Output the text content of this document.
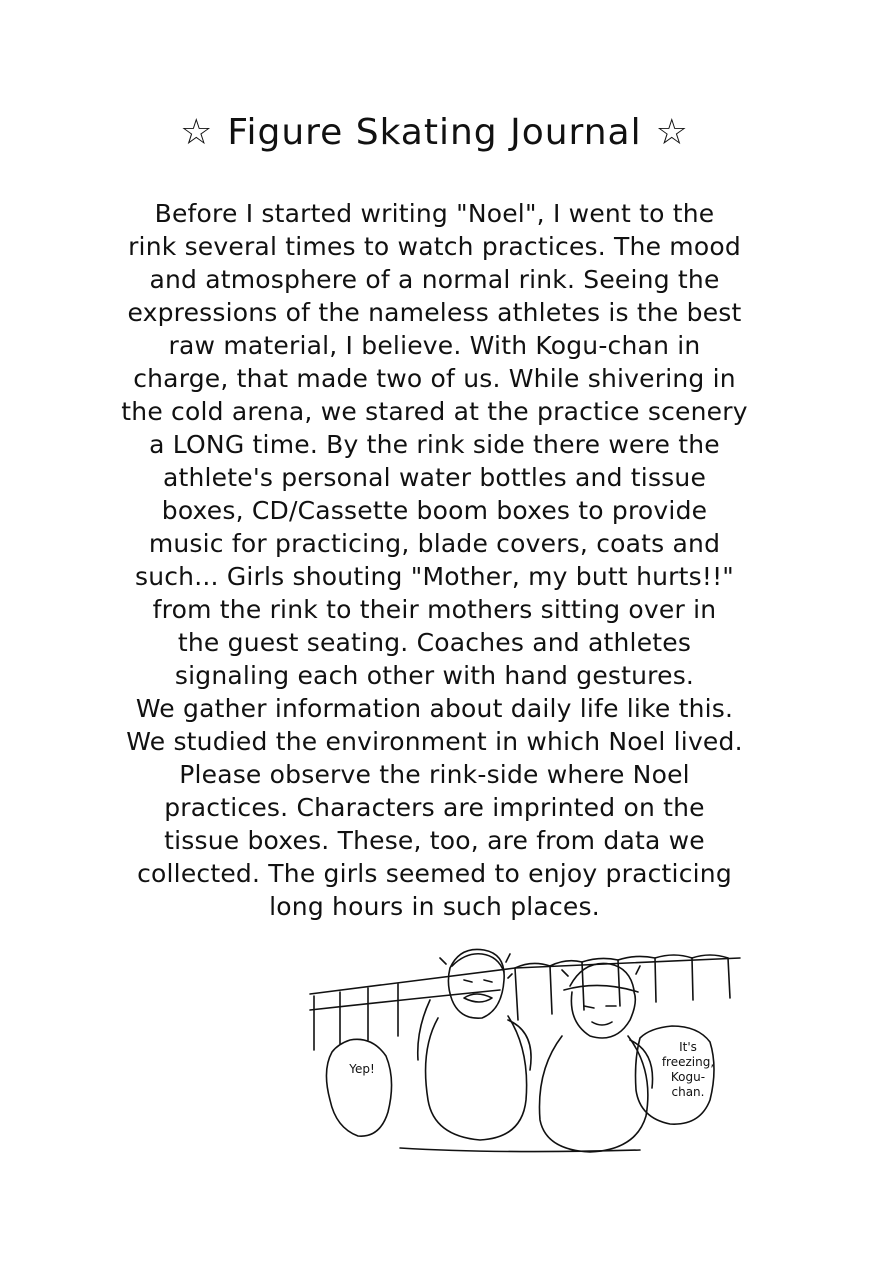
☆ Figure Skating Journal ☆
Before I started writing "Noel", I went to the
rink several times to watch practices. The mood
and atmosphere of a normal rink. Seeing the
expressions of the nameless athletes is the best
raw material, I believe. With Kogu-chan in
charge, that made two of us. While shivering in
the cold arena, we stared at the practice scenery
a LONG time. By the rink side there were the
athlete's personal water bottles and tissue
boxes, CD/Cassette boom boxes to provide
music for practicing, blade covers, coats and
such... Girls shouting "Mother, my butt hurts!!"
from the rink to their mothers sitting over in
the guest seating. Coaches and athletes
signaling each other with hand gestures.
We gather information about daily life like this.
We studied the environment in which Noel lived.
Please observe the rink-side where Noel
practices. Characters are imprinted on the
tissue boxes. These, too, are from data we
collected. The girls seemed to enjoy practicing
long hours in such places.
Yep!
It's
freezing,
Kogu-
chan.
